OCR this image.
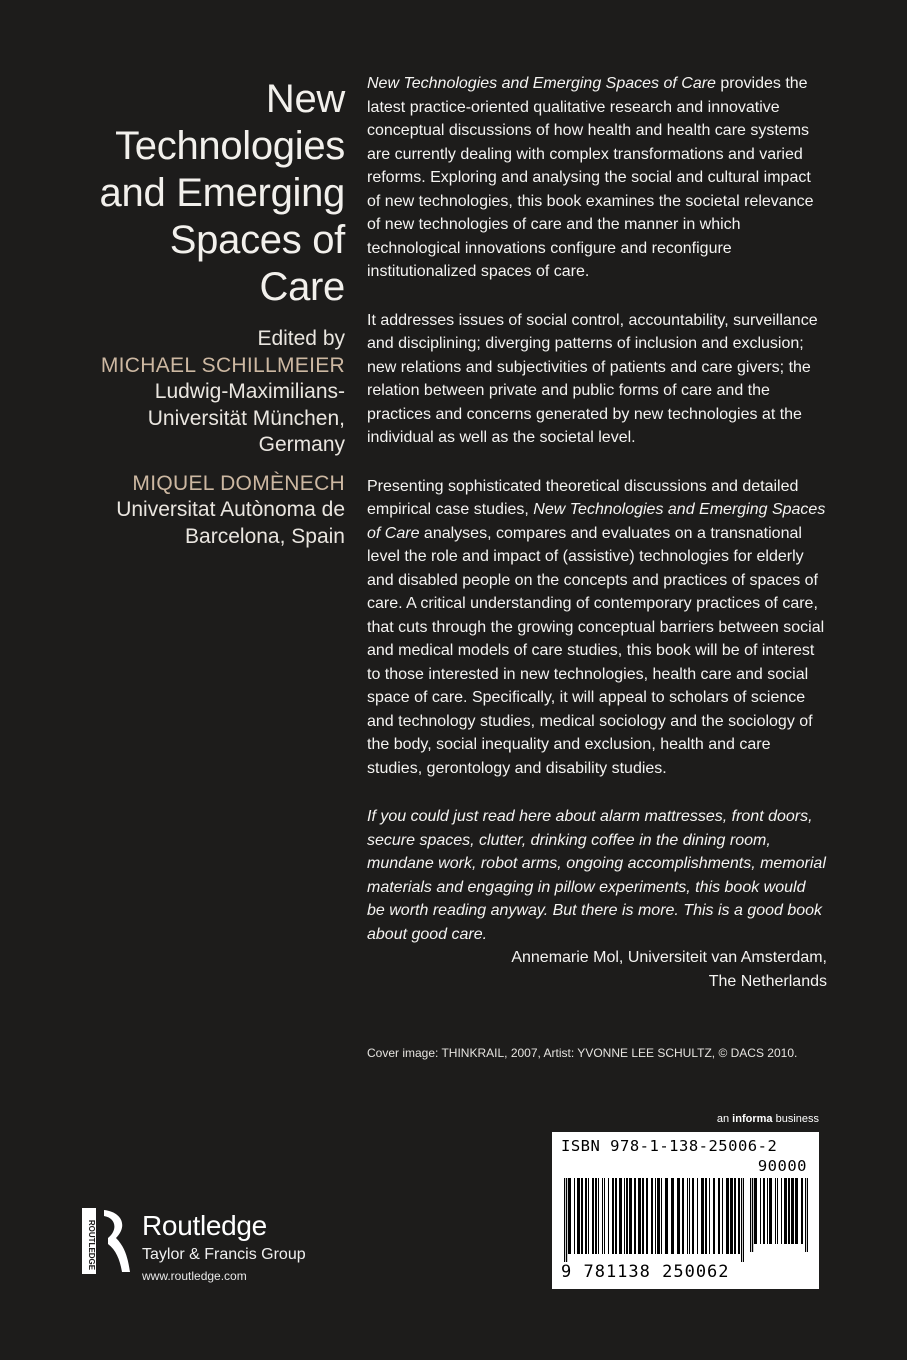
New
Technologies
and Emerging
Spaces of
Care
Edited by
MICHAEL SCHILLMEIER
Ludwig-Maximilians-
Universität München,
Germany
MIQUEL DOMÈNECH
Universitat Autònoma de
Barcelona, Spain

New Technologies and Emerging Spaces of Care provides the latest practice-oriented qualitative research and innovative conceptual discussions of how health and health care systems are currently dealing with complex transformations and varied reforms. Exploring and analysing the social and cultural impact of new technologies, this book examines the societal relevance of new technologies of care and the manner in which technological innovations configure and reconfigure institutionalized spaces of care.

It addresses issues of social control, accountability, surveillance and disciplining; diverging patterns of inclusion and exclusion; new relations and subjectivities of patients and care givers; the relation between private and public forms of care and the practices and concerns generated by new technologies at the individual as well as the societal level.

Presenting sophisticated theoretical discussions and detailed empirical case studies, New Technologies and Emerging Spaces of Care analyses, compares and evaluates on a transnational level the role and impact of (assistive) technologies for elderly and disabled people on the concepts and practices of spaces of care. A critical understanding of contemporary practices of care, that cuts through the growing conceptual barriers between social and medical models of care studies, this book will be of interest to those interested in new technologies, health care and social space of care. Specifically, it will appeal to scholars of science and technology studies, medical sociology and the sociology of the body, social inequality and exclusion, health and care studies, gerontology and disability studies.

If you could just read here about alarm mattresses, front doors, secure spaces, clutter, drinking coffee in the dining room, mundane work, robot arms, ongoing accomplishments, memorial materials and engaging in pillow experiments, this book would be worth reading anyway. But there is more. This is a good book about good care.

Annemarie Mol, Universiteit van Amsterdam,
The Netherlands

Cover image: THINKRAIL, 2007, Artist: YVONNE LEE SCHULTZ, © DACS 2010.
an informa business
ISBN 978-1-138-25006-2
90000
9 781138 250062
ROUTLEDGE Routledge
Taylor & Francis Group
www.routledge.com
